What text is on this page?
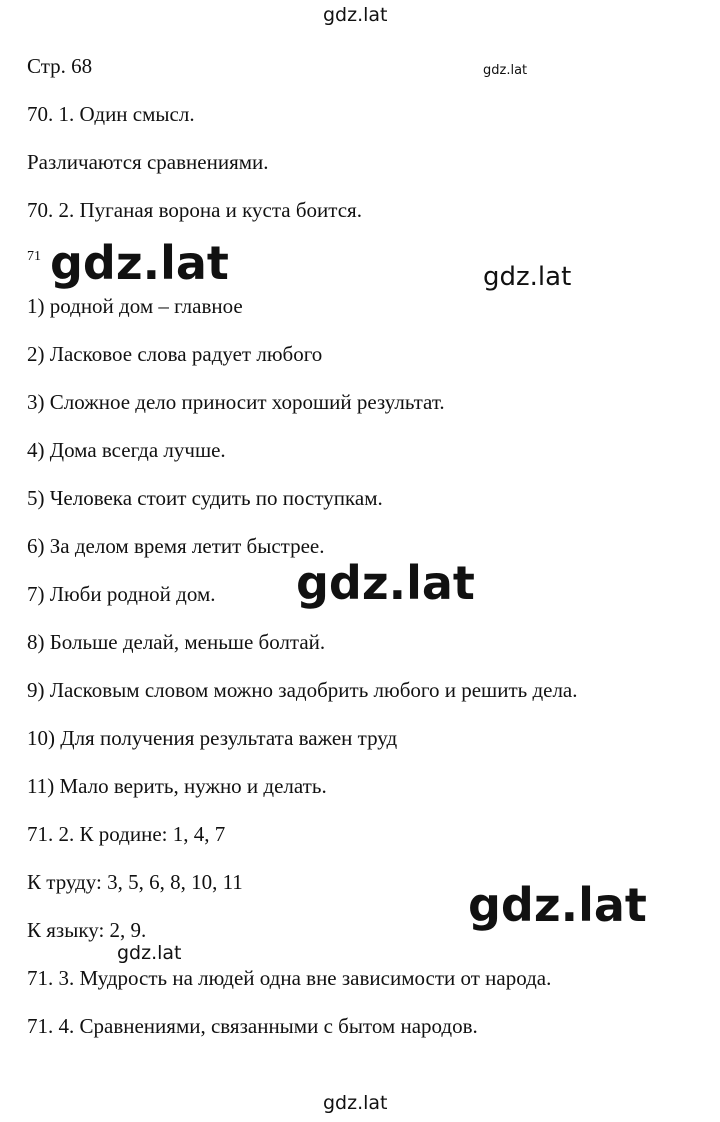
gdz.lat

Стр. 68	gdz.lat

70. 1. Один смысл.

Различаются сравнениями.

70. 2. Пуганая ворона и куста боится.

71 gdz.lat	gdz.lat

1) родной дом – главное

2) Ласковое слова радует любого

3) Сложное дело приносит хороший результат.

4) Дома всегда лучше.

5) Человека стоит судить по поступкам.

6) За делом время летит быстрее.

7) Люби родной дом. gdz.lat

8) Больше делай, меньше болтай.

9) Ласковым словом можно задобрить любого и решить дела.

10) Для получения результата важен труд

11) Мало верить, нужно и делать.

71. 2. К родине: 1, 4, 7

К труду: 3, 5, 6, 8, 10, 11	gdz.lat

К языку: 2, 9.

gdz.lat

71. 3. Мудрость на людей одна вне зависимости от народа.

71. 4. Сравнениями, связанными с бытом народов.

gdz.lat
